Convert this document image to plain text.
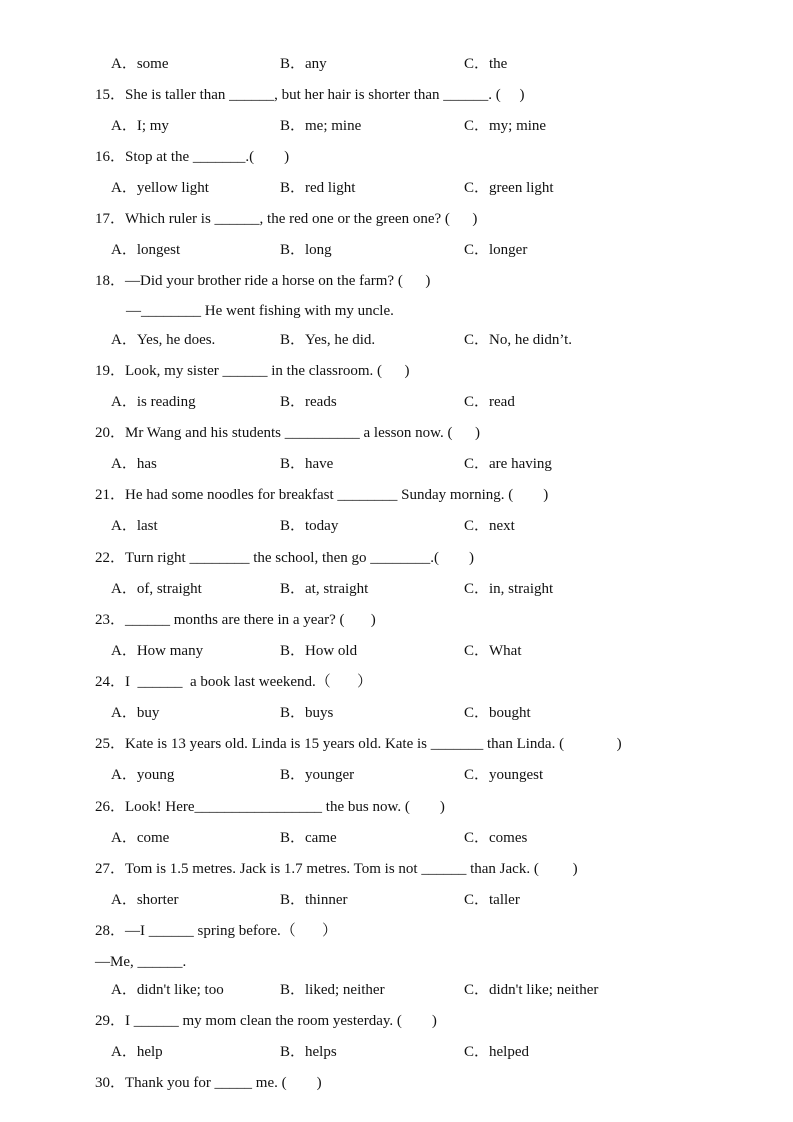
A．some	B．any	C．the
15．She is taller than ______, but her hair is shorter than ______. (     )
A．I; my	B．me; mine	C．my; mine
16．Stop at the _______.(        )
A．yellow light	B．red light	C．green light
17．Which ruler is ______, the red one or the green one? (      )
A．longest	B．long	C．longer
18．—Did your brother ride a horse on the farm? (      )
—________ He went fishing with my uncle.
A．Yes, he does.	B．Yes, he did.	C．No, he didn’t.
19．Look, my sister ______ in the classroom. (      )
A．is reading	B．reads	C．read
20．Mr Wang and his students __________ a lesson now. (      )
A．has	B．have	C．are having
21．He had some noodles for breakfast ________ Sunday morning. (        )
A．last	B．today	C．next
22．Turn right ________ the school, then go ________.(        )
A．of, straight	B．at, straight	C．in, straight
23．______ months are there in a year? (       )
A．How many	B．How old	C．What
24．I  ______  a book last weekend.（       ）
A．buy	B．buys	C．bought
25．Kate is 13 years old. Linda is 15 years old. Kate is _______ than Linda. (              )
A．young	B．younger	C．youngest
26．Look! Here_________________ the bus now. (        )
A．come	B．came	C．comes
27．Tom is 1.5 metres. Jack is 1.7 metres. Tom is not ______ than Jack. (         )
A．shorter	B．thinner	C．taller
28．—I ______ spring before.（       ）
—Me, ______.
A．didn't like; too	B．liked; neither	C．didn't like; neither
29．I ______ my mom clean the room yesterday. (        )
A．help	B．helps	C．helped
30．Thank you for _____ me. (        )
